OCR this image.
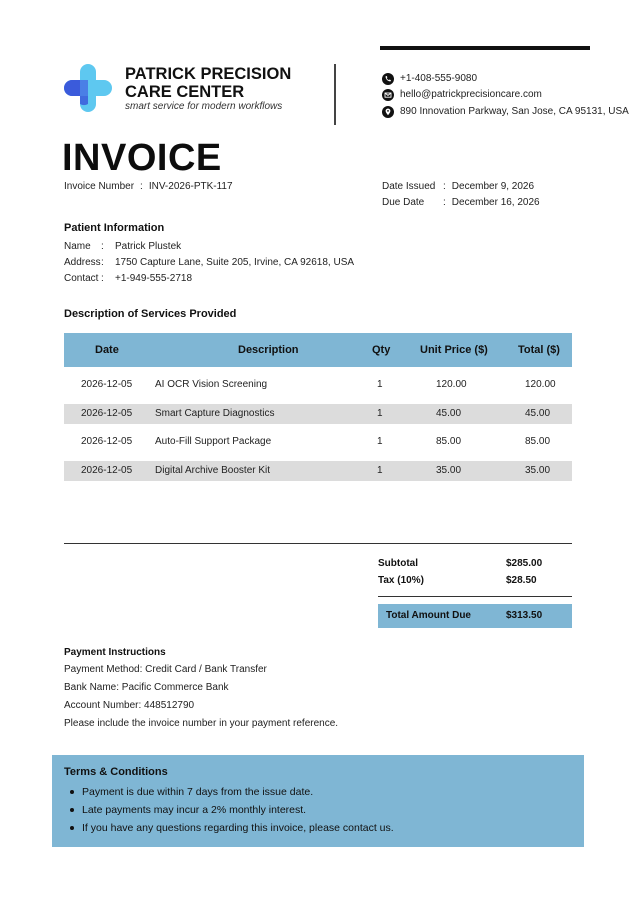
PATRICK PRECISION
CARE CENTER
smart service for modern workflows
+1-408-555-9080
hello@patrickprecisioncare.com
890 Innovation Parkway, San Jose, CA 95131, USA
INVOICE
Invoice Number : INV-2026-PTK-117	Date Issued : December 9, 2026
Due Date : December 16, 2026
Patient Information
Name	:	Patrick Plustek
Address :	1750 Capture Lane, Suite 205, Irvine, CA 92618, USA
Contact :	+1-949-555-2718
Description of Services Provided
Date	Description	Qty	Unit Price ($)	Total ($)
2026-12-05 AI OCR Vision Screening	1	120.00	120.00
2026-12-05 Smart Capture Diagnostics	1	45.00	45.00
2026-12-05 Auto-Fill Support Package	1	85.00	85.00
2026-12-05 Digital Archive Booster Kit	1	35.00	35.00
Subtotal	$285.00
Tax (10%)	$28.50
Total Amount Due	$313.50
Payment Instructions
Payment Method: Credit Card / Bank Transfer
Bank Name: Pacific Commerce Bank
Account Number: 448512790
Please include the invoice number in your payment reference.
Terms & Conditions
Payment is due within 7 days from the issue date.
Late payments may incur a 2% monthly interest.
If you have any questions regarding this invoice, please contact us.
